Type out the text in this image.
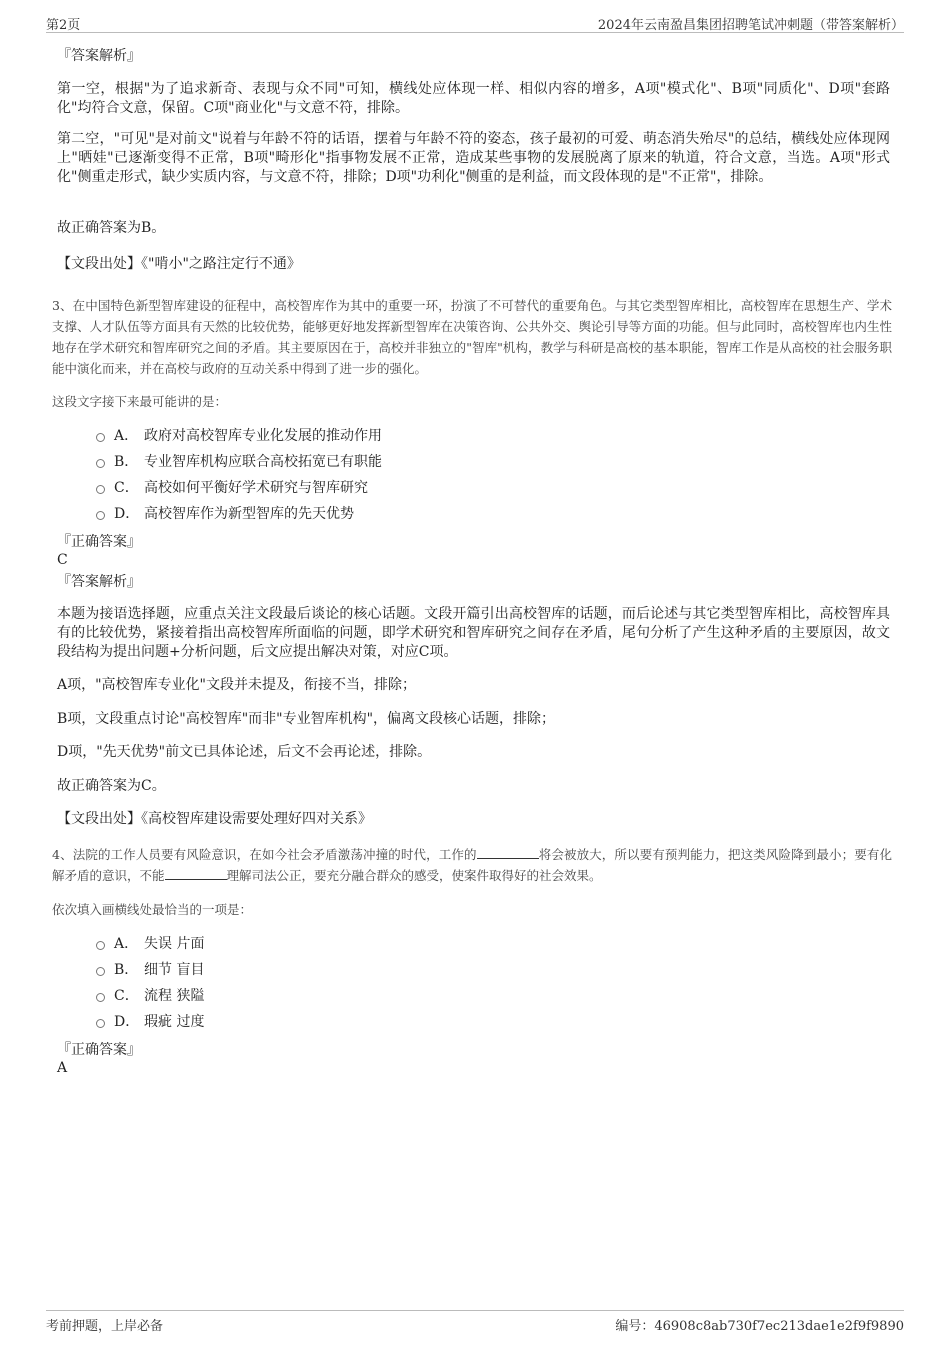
第2页	2024年云南盈昌集团招聘笔试冲刺题（带答案解析）
『答案解析』
第一空，根据"为了追求新奇、表现与众不同"可知，横线处应体现一样、相似内容的增多，A项"模式化"、B项"同质化"、D项"套路化"均符合文意，保留。C项"商业化"与文意不符，排除。
第二空，"可见"是对前文"说着与年龄不符的话语，摆着与年龄不符的姿态，孩子最初的可爱、萌态消失殆尽"的总结，横线处应体现网上"晒娃"已逐渐变得不正常，B项"畸形化"指事物发展不正常，造成某些事物的发展脱离了原来的轨道，符合文意，当选。A项"形式化"侧重走形式，缺少实质内容，与文意不符，排除；D项"功利化"侧重的是利益，而文段体现的是"不正常"，排除。
故正确答案为B。
【文段出处】《"啃小"之路注定行不通》
3、在中国特色新型智库建设的征程中，高校智库作为其中的重要一环，扮演了不可替代的重要角色。与其它类型智库相比，高校智库在思想生产、学术支撑、人才队伍等方面具有天然的比较优势，能够更好地发挥新型智库在决策咨询、公共外交、舆论引导等方面的功能。但与此同时，高校智库也内生性地存在学术研究和智库研究之间的矛盾。其主要原因在于，高校并非独立的"智库"机构，教学与科研是高校的基本职能，智库工作是从高校的社会服务职能中演化而来，并在高校与政府的互动关系中得到了进一步的强化。
这段文字接下来最可能讲的是：
A． 政府对高校智库专业化发展的推动作用
B． 专业智库机构应联合高校拓宽已有职能
C． 高校如何平衡好学术研究与智库研究
D． 高校智库作为新型智库的先天优势
『正确答案』
C
『答案解析』
本题为接语选择题，应重点关注文段最后谈论的核心话题。文段开篇引出高校智库的话题，而后论述与其它类型智库相比，高校智库具有的比较优势，紧接着指出高校智库所面临的问题，即学术研究和智库研究之间存在矛盾，尾句分析了产生这种矛盾的主要原因，故文段结构为提出问题+分析问题，后文应提出解决对策，对应C项。
A项，"高校智库专业化"文段并未提及，衔接不当，排除；
B项，文段重点讨论"高校智库"而非"专业智库机构"，偏离文段核心话题，排除；
D项，"先天优势"前文已具体论述，后文不会再论述，排除。
故正确答案为C。
【文段出处】《高校智库建设需要处理好四对关系》
4、法院的工作人员要有风险意识，在如今社会矛盾激荡冲撞的时代，工作的	将会被放大，所以要有预判能力，把这类风险降到最小；要有化解矛盾的意识，不能	理解司法公正，要充分融合群众的感受，使案件取得好的社会效果。
依次填入画横线处最恰当的一项是：
A． 失误 片面
B． 细节 盲目
C． 流程 狭隘
D． 瑕疵 过度
『正确答案』
A
考前押题，上岸必备	编号：46908c8ab730f7ec213dae1e2f9f9890
